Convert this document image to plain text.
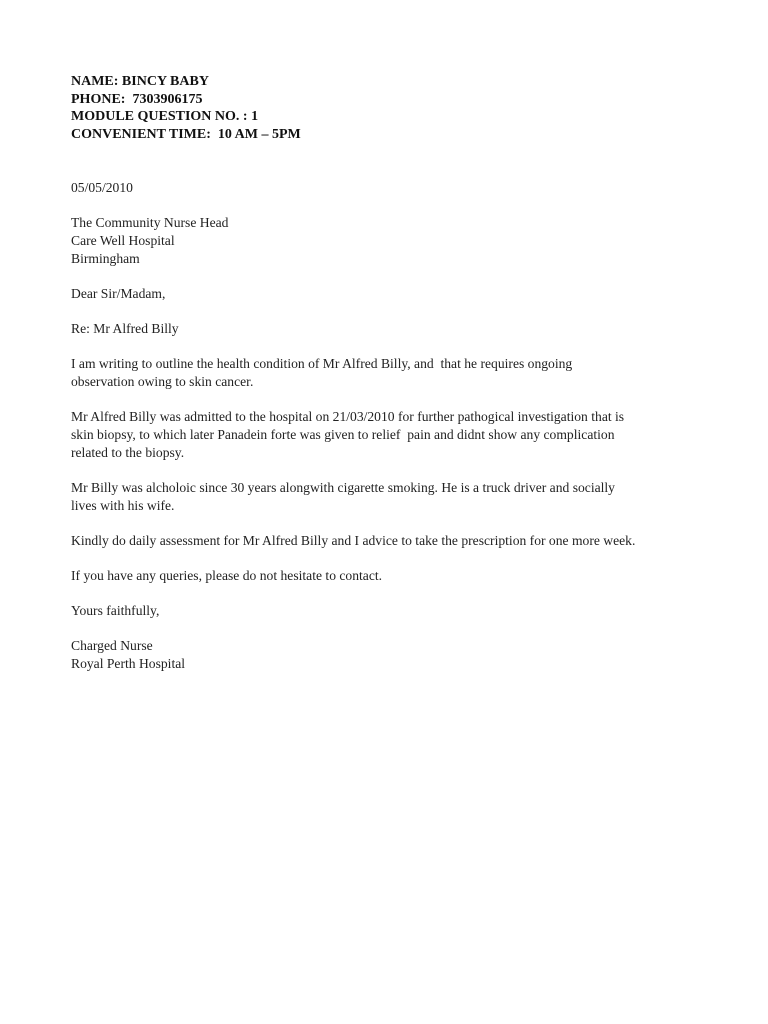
NAME: BINCY BABY
PHONE:  7303906175
MODULE QUESTION NO. : 1
CONVENIENT TIME:  10 AM – 5PM
05/05/2010
The Community Nurse Head
Care Well Hospital
Birmingham
Dear Sir/Madam,
Re: Mr Alfred Billy
I am writing to outline the health condition of Mr Alfred Billy, and  that he requires ongoing
observation owing to skin cancer.
Mr Alfred Billy was admitted to the hospital on 21/03/2010 for further pathogical investigation that is
skin biopsy, to which later Panadein forte was given to relief  pain and didnt show any complication
related to the biopsy.
Mr Billy was alcholoic since 30 years alongwith cigarette smoking. He is a truck driver and socially
lives with his wife.
Kindly do daily assessment for Mr Alfred Billy and I advice to take the prescription for one more week.
If you have any queries, please do not hesitate to contact.
Yours faithfully,
Charged Nurse
Royal Perth Hospital
